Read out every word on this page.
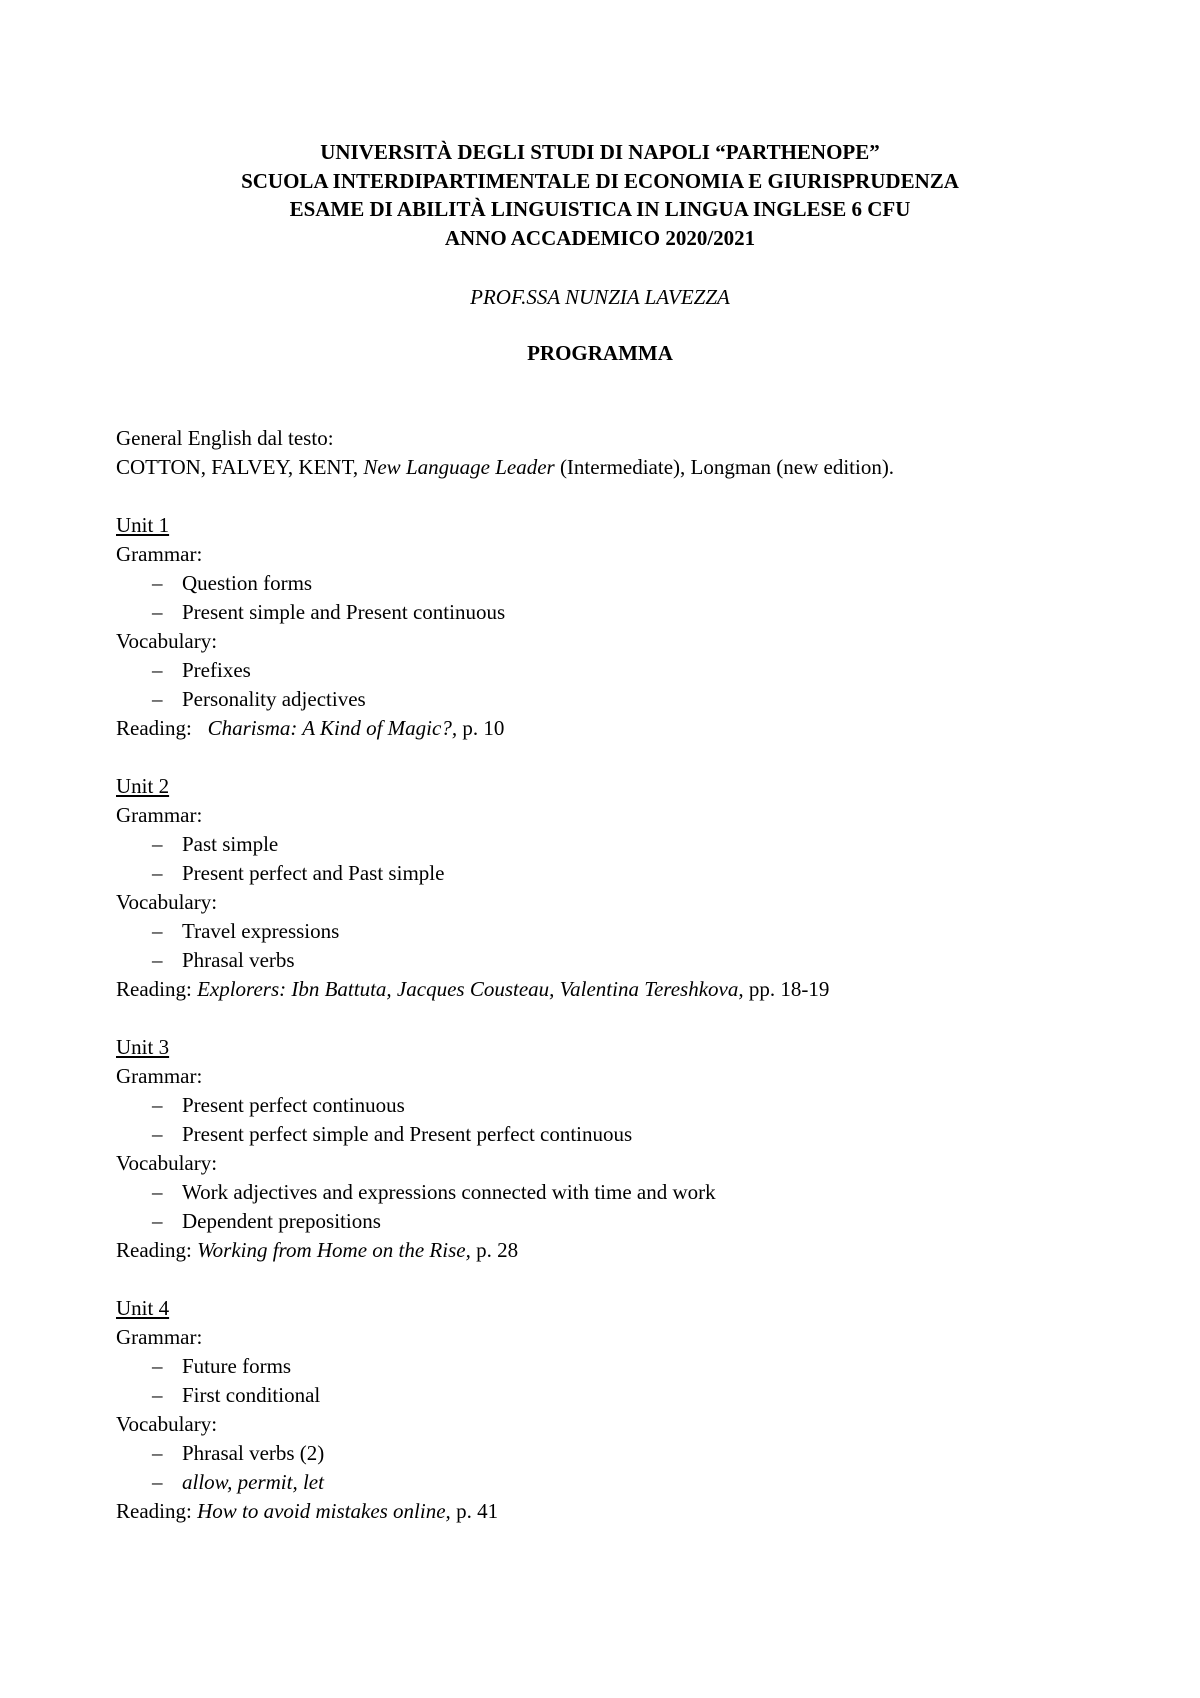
UNIVERSITÀ DEGLI STUDI DI NAPOLI “PARTHENOPE”
SCUOLA INTERDIPARTIMENTALE DI ECONOMIA E GIURISPRUDENZA
ESAME DI ABILITÀ LINGUISTICA IN LINGUA INGLESE 6 CFU
ANNO ACCADEMICO 2020/2021
PROF.SSA NUNZIA LAVEZZA
PROGRAMMA
General English dal testo:
COTTON, FALVEY, KENT, New Language Leader (Intermediate), Longman (new edition).
Unit 1
Grammar:
– Question forms
– Present simple and Present continuous
Vocabulary:
– Prefixes
– Personality adjectives
Reading: Charisma: A Kind of Magic?, p. 10
Unit 2
Grammar:
– Past simple
– Present perfect and Past simple
Vocabulary:
– Travel expressions
– Phrasal verbs
Reading: Explorers: Ibn Battuta, Jacques Cousteau, Valentina Tereshkova, pp. 18-19
Unit 3
Grammar:
– Present perfect continuous
– Present perfect simple and Present perfect continuous
Vocabulary:
– Work adjectives and expressions connected with time and work
– Dependent prepositions
Reading: Working from Home on the Rise, p. 28
Unit 4
Grammar:
– Future forms
– First conditional
Vocabulary:
– Phrasal verbs (2)
– allow, permit, let
Reading: How to avoid mistakes online, p. 41
